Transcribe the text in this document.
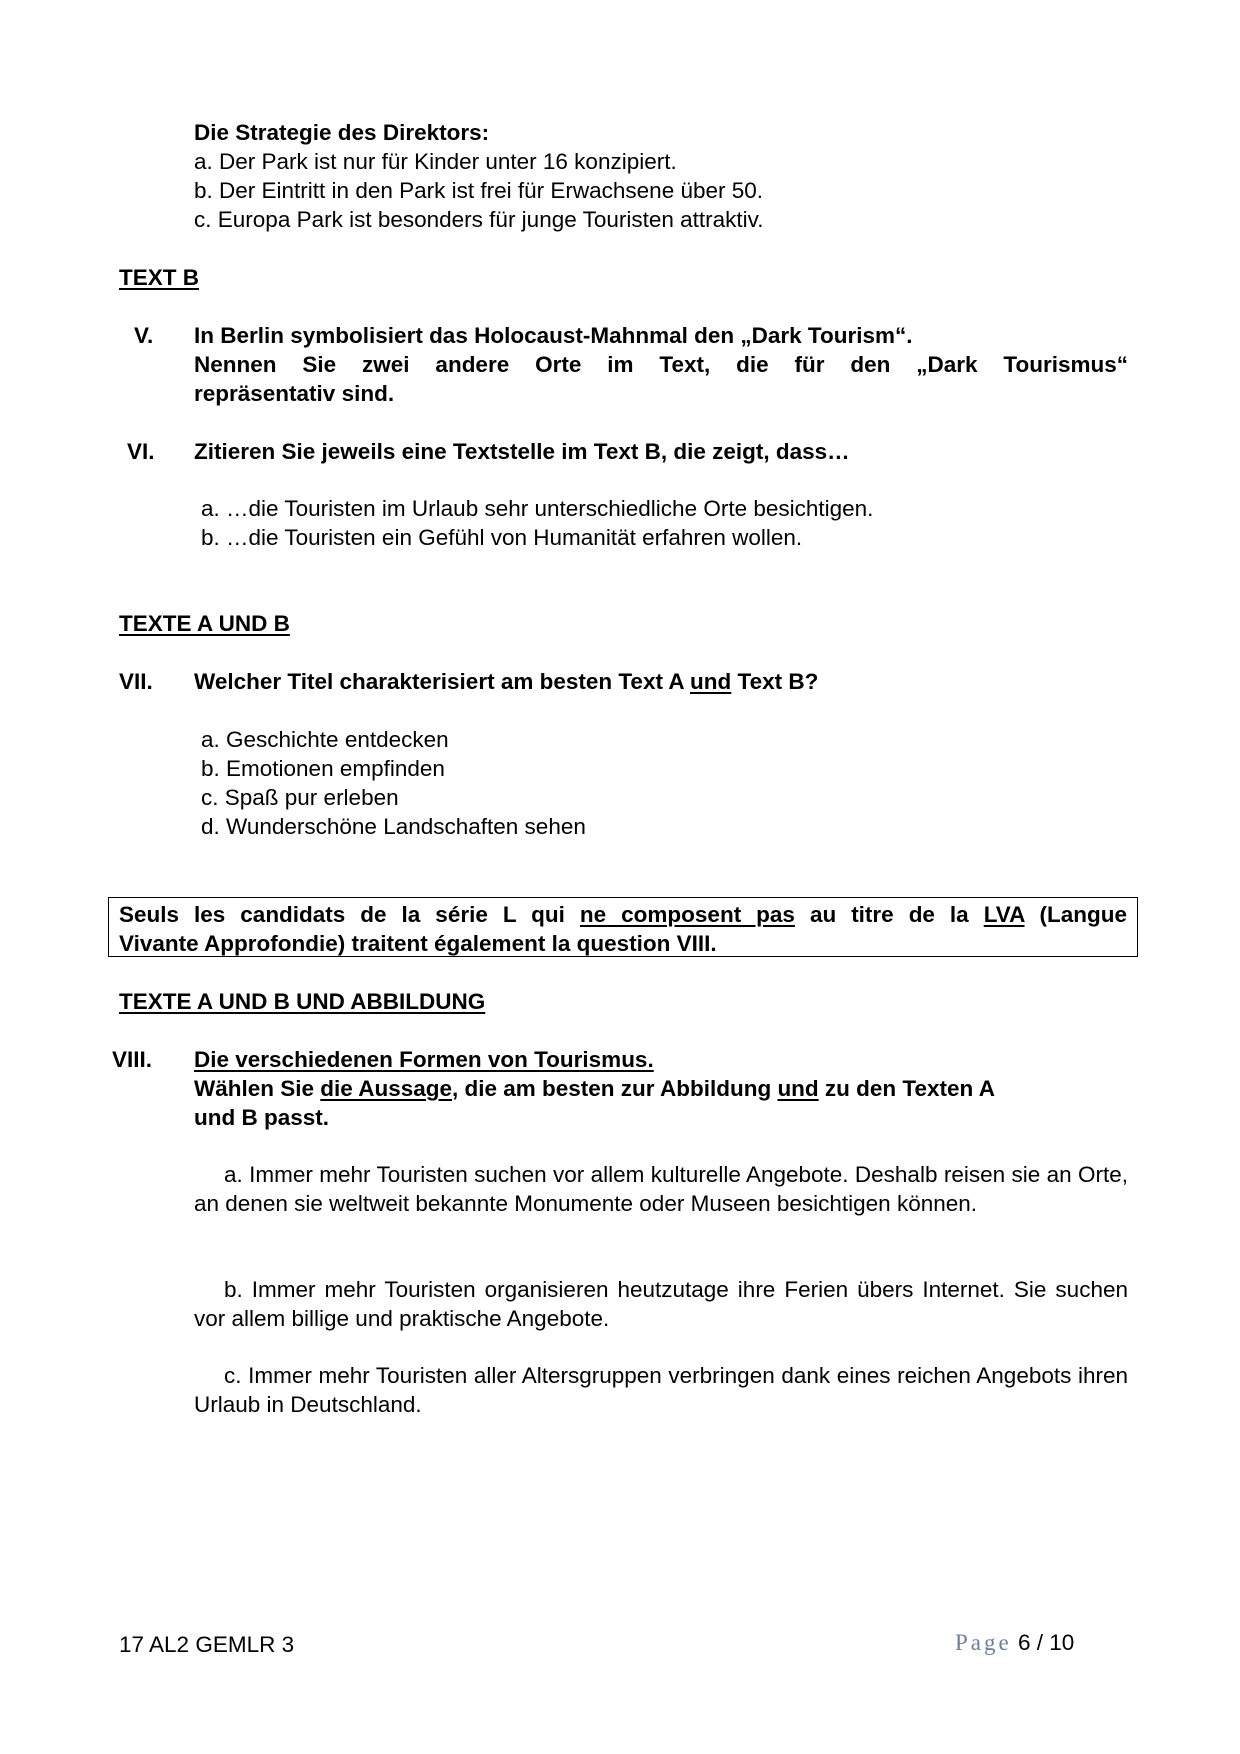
Die Strategie des Direktors:
a. Der Park ist nur für Kinder unter 16 konzipiert.
b. Der Eintritt in den Park ist frei für Erwachsene über 50.
c. Europa Park ist besonders für junge Touristen attraktiv.
TEXT B
V. In Berlin symbolisiert das Holocaust-Mahnmal den „Dark Tourism“.
Nennen Sie zwei andere Orte im Text, die für den „Dark Tourismus“
repräsentativ sind.
VI. Zitieren Sie jeweils eine Textstelle im Text B, die zeigt, dass…
a. …die Touristen im Urlaub sehr unterschiedliche Orte besichtigen.
b. …die Touristen ein Gefühl von Humanität erfahren wollen.
TEXTE A UND B
VII. Welcher Titel charakterisiert am besten Text A und Text B?
a. Geschichte entdecken
b. Emotionen empfinden
c. Spaß pur erleben
d. Wunderschöne Landschaften sehen
Seuls les candidats de la série L qui ne composent pas au titre de la LVA (Langue
Vivante Approfondie) traitent également la question VIII.
TEXTE A UND B UND ABBILDUNG
VIII. Die verschiedenen Formen von Tourismus.
Wählen Sie die Aussage, die am besten zur Abbildung und zu den Texten A
und B passt.
a. Immer mehr Touristen suchen vor allem kulturelle Angebote. Deshalb reisen sie an Orte, an denen sie weltweit bekannte Monumente oder Museen besichtigen können.
b. Immer mehr Touristen organisieren heutzutage ihre Ferien übers Internet. Sie suchen vor allem billige und praktische Angebote.
c. Immer mehr Touristen aller Altersgruppen verbringen dank eines reichen Angebots ihren Urlaub in Deutschland.
17 AL2 GEMLR 3	Page 6 / 10
